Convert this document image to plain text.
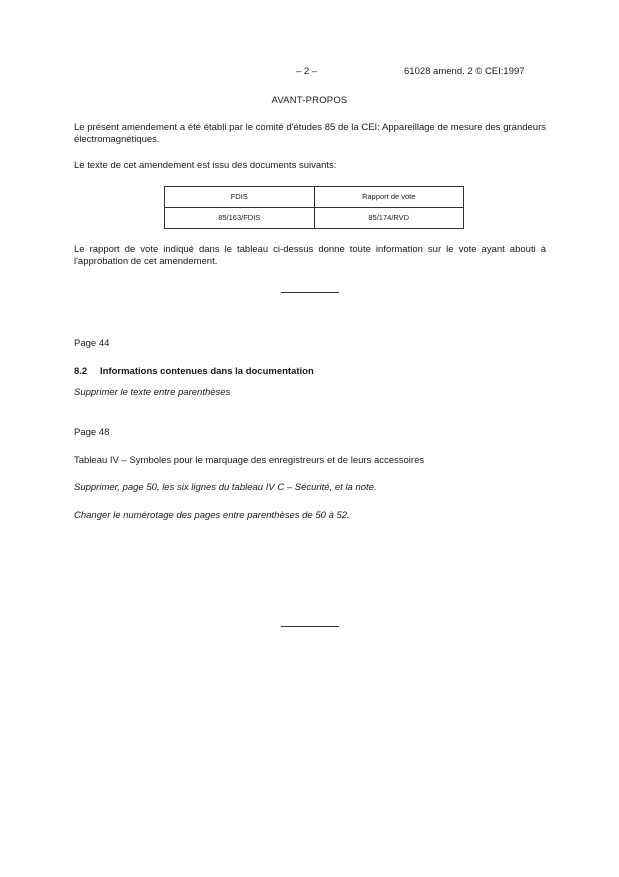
– 2 –	61028 amend. 2 © CEI:1997
AVANT-PROPOS
Le présent amendement a été établi par le comité d'études 85 de la CEI: Appareillage de mesure des grandeurs électromagnétiques.
Le texte de cet amendement est issu des documents suivants:
FDIS	Rapport de vote
85/163/FDIS	85/174/RVD
Le rapport de vote indiqué dans le tableau ci-dessus donne toute information sur le vote ayant abouti à l'approbation de cet amendement.
Page 44
8.2 Informations contenues dans la documentation
Supprimer le texte entre parenthèses
Page 48
Tableau IV – Symboles pour le marquage des enregistreurs et de leurs accessoires
Supprimer, page 50, les six lignes du tableau IV C – Sécurité, et la note.
Changer le numérotage des pages entre parenthèses de 50 à 52.
